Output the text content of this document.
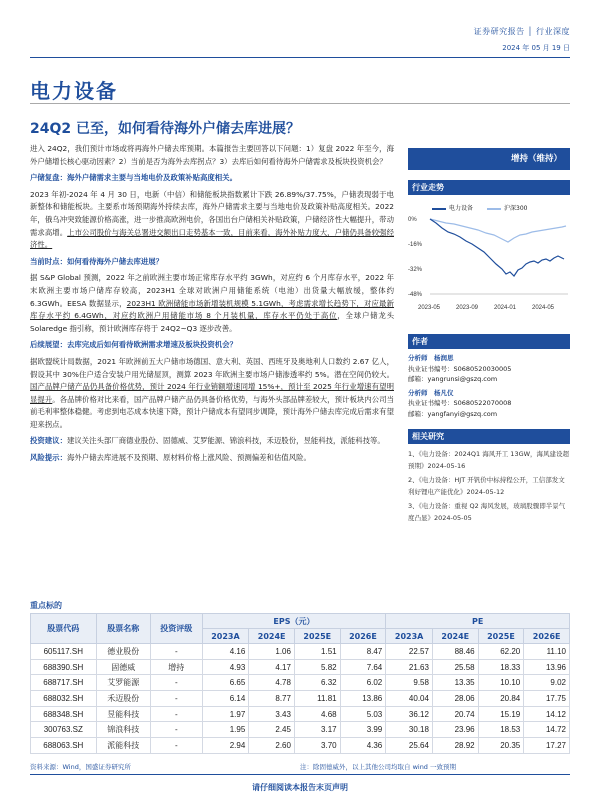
证券研究报告 │ 行业深度
2024 年 05 月 19 日
电力设备
24Q2 已至，如何看待海外户储去库进展？

进入 24Q2，我们预计市场或将再海外户储去库预期。本篇报告主要回答以下问题：1）复盘 2022 年至今，海外户储增长核心驱动因素？2）当前是否为海外去库拐点？3）去库后如何看待海外户储需求及板块投资机会？

户储复盘：海外户储需求主要与当地电价及政策补贴高度相关。

2023 年初-2024 年 4 月 30 日，电新（中信）和储能板块指数累计下跌 26.89%/37.75%，户储表现弱于电新整体和储能板块。主要系市场预期海外持续去库，海外户储需求主要与当地电价及政策补贴高度相关。2022 年，俄乌冲突致能源价格高涨，进一步推高欧洲电价，各国出台户储相关补贴政策，户储经济性大幅提升，带动需求高增。上市公司股价与海关总署进交额出口走势基本一致，目前来看，海外补贴力度大，户储仍具备较强经济性。

当前时点：如何看待海外户储去库进展？

据 S&P Global 预测，2022 年之前欧洲主要市场正常库存水平约 3GWh，对应约 6 个月库存水平，2022 年末欧洲主要市场户储库存较高，2023H1 全球对欧洲户用储能系统（电池）出货量大幅放缓，整体约 6.3GWh。EESA 数据显示，2023H1 欧洲储能市场新增装机规模 5.1GWh，考虑需求增长趋势下，对应最新库存水平约 6.4GWh，对应约欧洲户用储能市场 8 个月装机量，库存水平仍处于高位，全球户储龙头 Solaredge 指引称，预计欧洲库存将于 24Q2~Q3 逐步改善。

后续展望：去库完成后如何看待欧洲需求增速及板块投资机会？

据欧盟统计局数据，2021 年欧洲前五大户储市场德国、意大利、英国、西班牙及奥地利人口数约 2.67 亿人，假设其中 30%住户适合安装户用光储屋顶，测算 2023 年欧洲主要市场户储渗透率约 5%。潜在空间仍较大。国产品牌户储产品仍具备价格优势，预计 2024 年行业销额增速同增 15%+，预计至 2025 年行业增速有望明显提升。各品牌价格对比来看，国产品牌户储产品仍具备价格优势，与海外头部品牌差较大，预计板块内公司当前毛利率整体稳健。考虑到电芯成本快速下降，预计户储成本有望同步调降，预计海外户储去库完成后需求有望迎来拐点。

投资建议：建议关注头部厂商德业股份、固德威、艾罗能源、锦浪科技，禾迈股份，昱能科技，派能科技等。

风险提示：海外户储去库进展不及预期、原材料价格上涨风险、预测偏差和估值风险。

增持（维持）
行业走势
电力设备	沪深300
0%
-16%
-32%
-48%
2023-05	2023-09	2024-01	2024-05
作者
分析师　 杨润思
执业证书编号：S0680520030005
邮箱：yangrunsi@gszq.com
分析师　 杨凡仪
执业证书编号：S0680522070008
邮箱：yangfanyi@gszq.com
相关研究
1、《电力设备：2024Q1 海风开工 13GW，海风建设超预期》2024-05-16
2、《电力设备：HJT 开钒价中标持程公开，工信部发文利好锂电产能优化》2024-05-12
3、《电力设备：重视 Q2 海风发展，玻璃股骤即半景气度凸显》2024-05-05
重点标的
股票代码	股票名称	投资评级	EPS（元）				PE			
			2023A	2024E	2025E	2026E	2023A	2024E	2025E	2026E
605117.SH	德业股份	-	4.16	1.06	1.51	8.47	22.57	88.46	62.20	11.10
688390.SH	固德威	增持	4.93	4.17	5.82	7.64	21.63	25.58	18.33	13.96
688717.SH	艾罗能源	-	6.65	4.78	6.32	6.02	9.58	13.35	10.10	9.02
688032.SH	禾迈股份	-	6.14	8.77	11.81	13.86	40.04	28.06	20.84	17.75
688348.SH	昱能科技	-	1.97	3.43	4.68	5.03	36.12	20.74	15.19	14.12
300763.SZ	锦浪科技	-	1.95	2.45	3.17	3.99	30.18	23.96	18.53	14.72
688063.SH	派能科技	-	2.94	2.60	3.70	4.36	25.64	28.92	20.35	17.27
资料来源：Wind，国盛证券研究所	注：除固德威外，以上其他公司均取自 wind 一致预期
请仔细阅读本报告末页声明
